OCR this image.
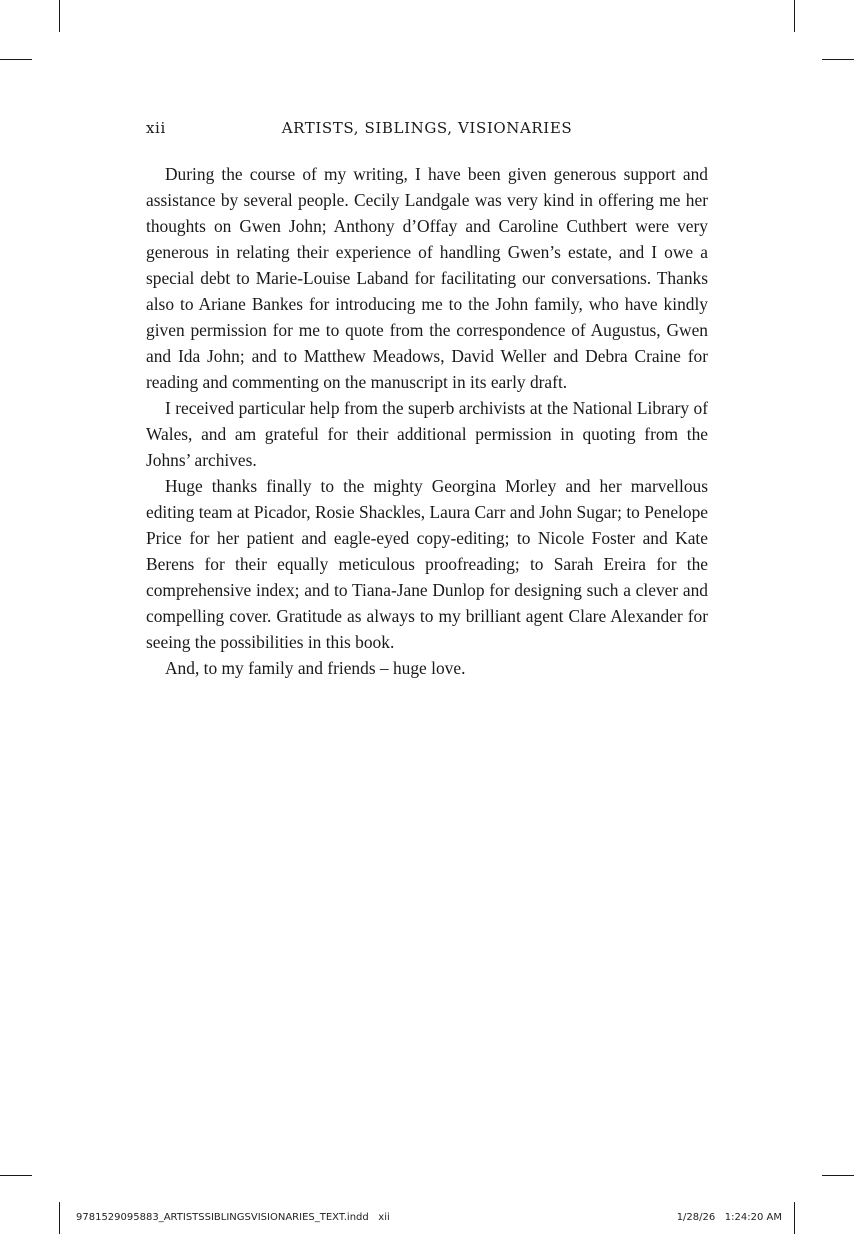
xii	ARTISTS, SIBLINGS, VISIONARIES

During the course of my writing, I have been given generous support and assistance by several people. Cecily Landgale was very kind in offering me her thoughts on Gwen John; Anthony d’Offay and Caroline Cuthbert were very generous in relating their experience of handling Gwen’s estate, and I owe a special debt to Marie-Louise Laband for facilitating our conversations. Thanks also to Ariane Bankes for introducing me to the John family, who have kindly given permission for me to quote from the correspondence of Augustus, Gwen and Ida John; and to Matthew Meadows, David Weller and Debra Craine for reading and commenting on the manuscript in its early draft.

I received particular help from the superb archivists at the National Library of Wales, and am grateful for their additional permission in quoting from the Johns’ archives.

Huge thanks finally to the mighty Georgina Morley and her marvellous editing team at Picador, Rosie Shackles, Laura Carr and John Sugar; to Penelope Price for her patient and eagle-eyed copy-editing; to Nicole Foster and Kate Berens for their equally meticulous proofreading; to Sarah Ereira for the comprehensive index; and to Tiana-Jane Dunlop for designing such a clever and compelling cover. Gratitude as always to my brilliant agent Clare Alexander for seeing the possibilities in this book.

And, to my family and friends – huge love.

9781529095883_ARTISTSSIBLINGSVISIONARIES_TEXT.indd xii	1/28/26 1:24:20 AM
